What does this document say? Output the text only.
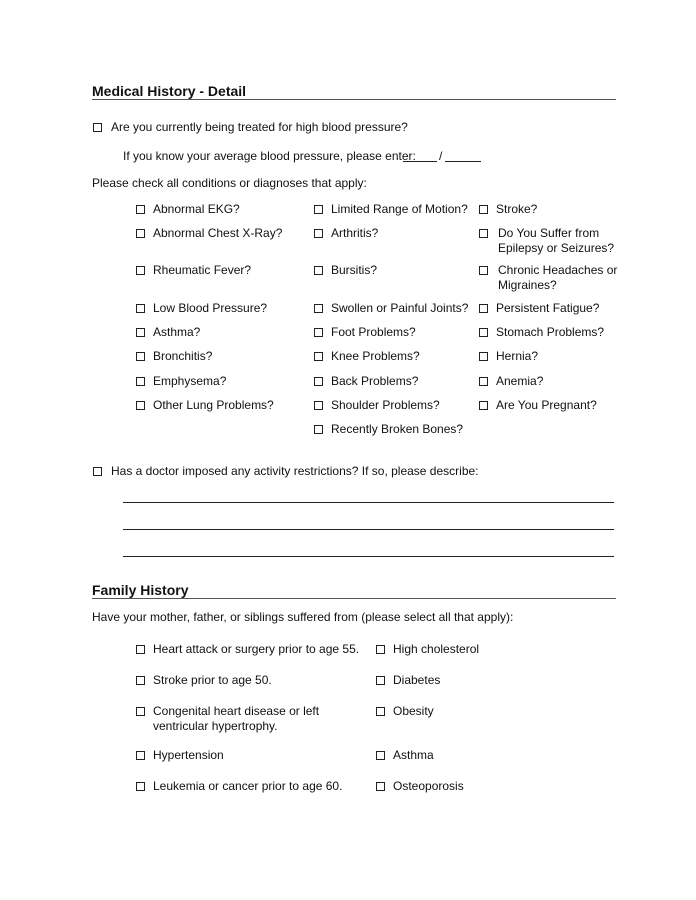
Medical History - Detail
Are you currently being treated for high blood pressure?
If you know your average blood pressure, please enter: /
Please check all conditions or diagnoses that apply:
Abnormal EKG?
Abnormal Chest X-Ray?
Rheumatic Fever?
Low Blood Pressure?
Asthma?
Bronchitis?
Emphysema?
Other Lung Problems?
Limited Range of Motion?
Arthritis?
Bursitis?
Swollen or Painful Joints?
Foot Problems?
Knee Problems?
Back Problems?
Shoulder Problems?
Recently Broken Bones?
Stroke?
Do You Suffer from
Epilepsy or Seizures?
Chronic Headaches or
Migraines?
Persistent Fatigue?
Stomach Problems?
Hernia?
Anemia?
Are You Pregnant?
Has a doctor imposed any activity restrictions? If so, please describe:
Family History
Have your mother, father, or siblings suffered from (please select all that apply):
Heart attack or surgery prior to age 55.
Stroke prior to age 50.
Congenital heart disease or left
ventricular hypertrophy.
Hypertension
Leukemia or cancer prior to age 60.
High cholesterol
Diabetes
Obesity
Asthma
Osteoporosis
